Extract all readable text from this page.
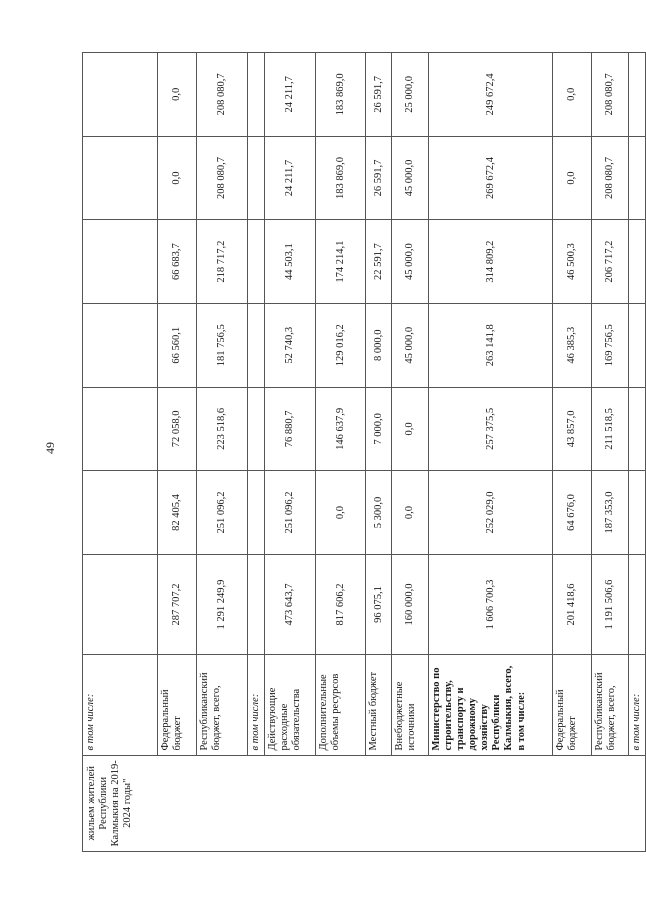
49
жильем жителей Республики Калмыкия на 2019-2024 годы"	в том числе:							
	Федеральный бюджет	287 707,2	82 405,4	72 058,0	66 560,1	66 683,7	0,0	0,0
	Республиканский бюджет, всего,	1 291 249,9	251 096,2	223 518,6	181 756,5	218 717,2	208 080,7	208 080,7
	в том числе:							
	Действующие расходные обязательства	473 643,7	251 096,2	76 880,7	52 740,3	44 503,1	24 211,7	24 211,7
	Дополнительные объемы ресурсов	817 606,2	0,0	146 637,9	129 016,2	174 214,1	183 869,0	183 869,0
	Местный бюджет	96 075,1	5 300,0	7 000,0	8 000,0	22 591,7	26 591,7	26 591,7
	Внебюджетные источники	160 000,0	0,0	0,0	45 000,0	45 000,0	45 000,0	25 000,0
	Министерство по строительству, транспорту и дорожному хозяйству Республики Калмыкия, всего, в том числе:	1 606 700,3	252 029,0	257 375,5	263 141,8	314 809,2	269 672,4	249 672,4
	Федеральный бюджет	201 418,6	64 676,0	43 857,0	46 385,3	46 500,3	0,0	0,0
	Республиканский бюджет, всего,	1 191 506,6	187 353,0	211 518,5	169 756,5	206 717,2	208 080,7	208 080,7
	в том числе:							
